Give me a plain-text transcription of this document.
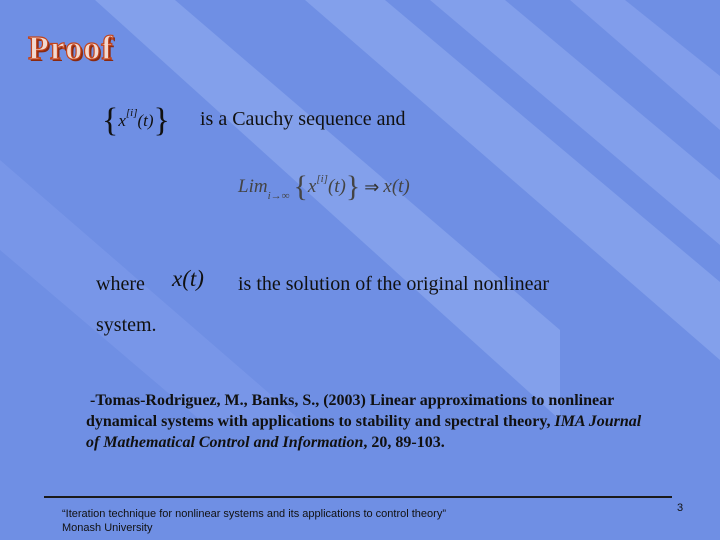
Proof
{ x [i] (t) } is a Cauchy sequence and
Lim i→∞ { x [i] (t) } ⇒ x(t)
where x(t) is the solution of the original nonlinear
system.
-Tomas-Rodriguez, M., Banks, S., (2003) Linear approximations to nonlinear dynamical systems with applications to stability and spectral theory, IMA Journal of Mathematical Control and Information, 20, 89-103.
“Iteration technique for nonlinear systems and its applications to control theory”
Monash University
3
